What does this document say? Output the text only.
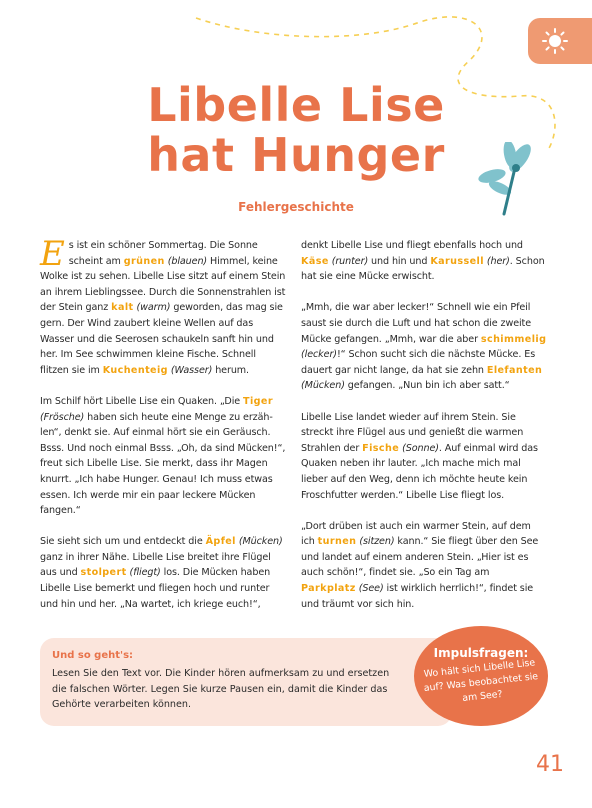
Libelle Lise
hat Hunger
Fehlergeschichte

Es ist ein schöner Sommertag. Die Sonne scheint am grünen (blauen) Himmel, keine Wolke ist zu sehen. Libelle Lise sitzt auf einem Stein an ihrem Lieblingssee. Durch die Sonnenstrahlen ist der Stein ganz kalt (warm) geworden, das mag sie gern. Der Wind zaubert kleine Wellen auf das Wasser und die Seerosen schaukeln sanft hin und her. Im See schwimmen kleine Fische. Schnell flitzen sie im Kuchenteig (Wasser) herum.

Im Schilf hört Libelle Lise ein Quaken. „Die Tiger (Frösche) haben sich heute eine Menge zu erzählen“, denkt sie. Auf einmal hört sie ein Geräusch. Bsss. Und noch einmal Bsss. „Oh, da sind Mücken!“, freut sich Libelle Lise. Sie merkt, dass ihr Magen knurrt. „Ich habe Hunger. Genau! Ich muss etwas essen. Ich werde mir ein paar leckere Mücken fangen.“

Sie sieht sich um und entdeckt die Äpfel (Mücken) ganz in ihrer Nähe. Libelle Lise breitet ihre Flügel aus und stolpert (fliegt) los. Die Mücken haben Libelle Lise bemerkt und fliegen hoch und runter und hin und her. „Na wartet, ich kriege euch!“,

denkt Libelle Lise und fliegt ebenfalls hoch und Käse (runter) und hin und Karussell (her). Schon hat sie eine Mücke erwischt.

„Mmh, die war aber lecker!“ Schnell wie ein Pfeil saust sie durch die Luft und hat schon die zweite Mücke gefangen. „Mmh, war die aber schimmelig (lecker)!“ Schon sucht sich die nächste Mücke. Es dauert gar nicht lange, da hat sie zehn Elefanten (Mücken) gefangen. „Nun bin ich aber satt.“

Libelle Lise landet wieder auf ihrem Stein. Sie streckt ihre Flügel aus und genießt die warmen Strahlen der Fische (Sonne). Auf einmal wird das Quaken neben ihr lauter. „Ich mache mich mal lieber auf den Weg, denn ich möchte heute kein Froschfutter werden.“ Libelle Lise fliegt los.

„Dort drüben ist auch ein warmer Stein, auf dem ich turnen (sitzen) kann.“ Sie fliegt über den See und landet auf einem anderen Stein. „Hier ist es auch schön!“, findet sie. „So ein Tag am Parkplatz (See) ist wirklich herrlich!“, findet sie und träumt vor sich hin.

Und so geht's:
Lesen Sie den Text vor. Die Kinder hören aufmerksam zu und ersetzen die falschen Wörter. Legen Sie kurze Pausen ein, damit die Kinder das Gehörte verarbeiten können.
Impulsfragen:
Wo hält sich Libelle Lise auf? Was beobachtet sie am See?
41
